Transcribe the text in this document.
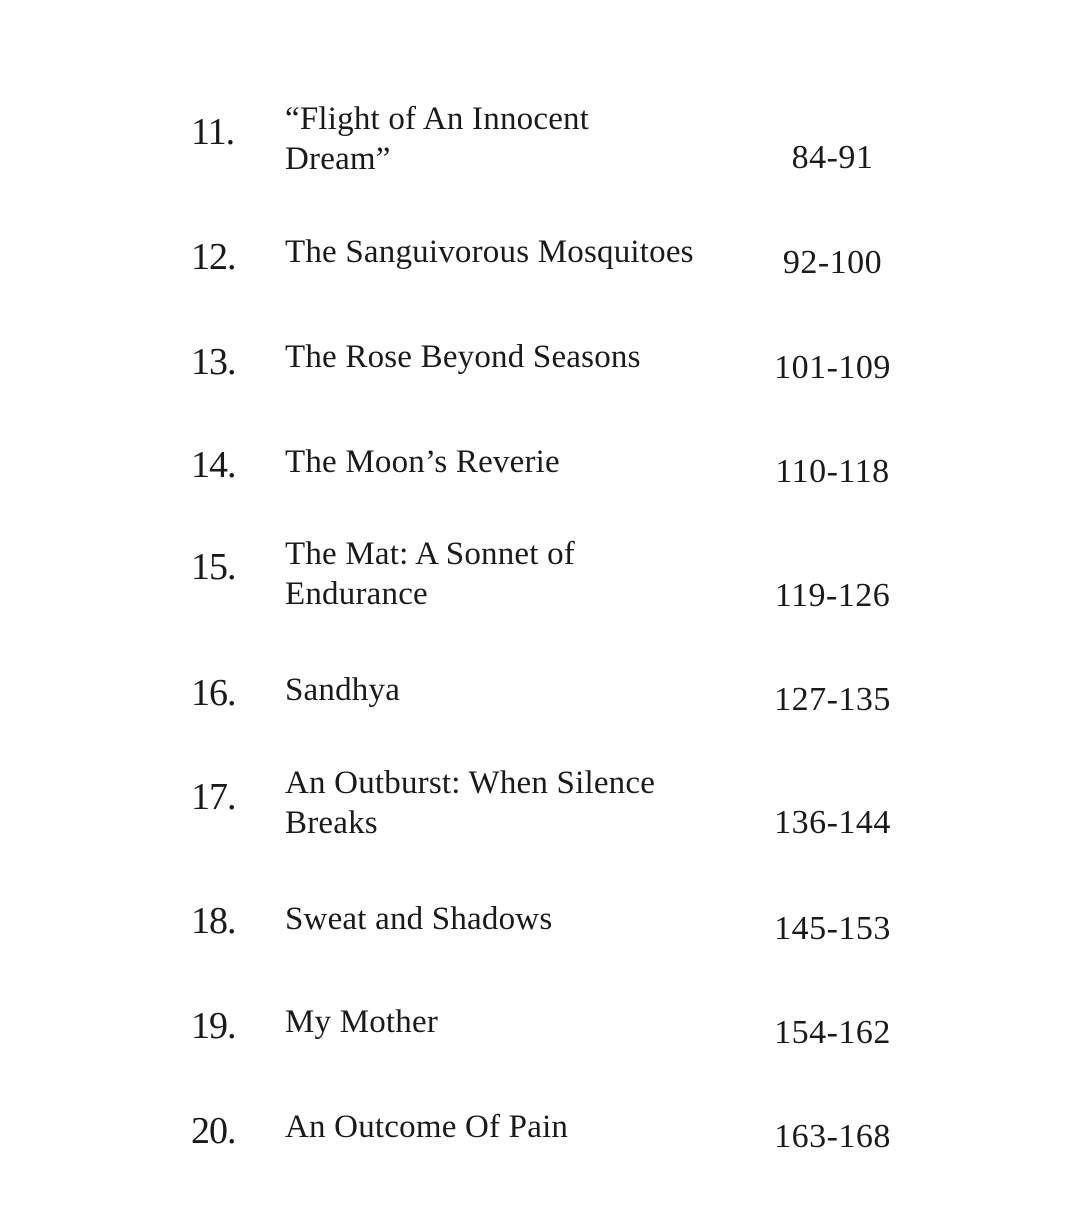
11. “Flight of An Innocent
Dream”	84-91
12. The Sanguivorous Mosquitoes	92-100
13. The Rose Beyond Seasons	101-109
14. The Moon’s Reverie	110-118
15. The Mat: A Sonnet of
Endurance	119-126
16. Sandhya	127-135
17. An Outburst: When Silence
Breaks	136-144
18. Sweat and Shadows	145-153
19. My Mother	154-162
20. An Outcome Of Pain	163-168
